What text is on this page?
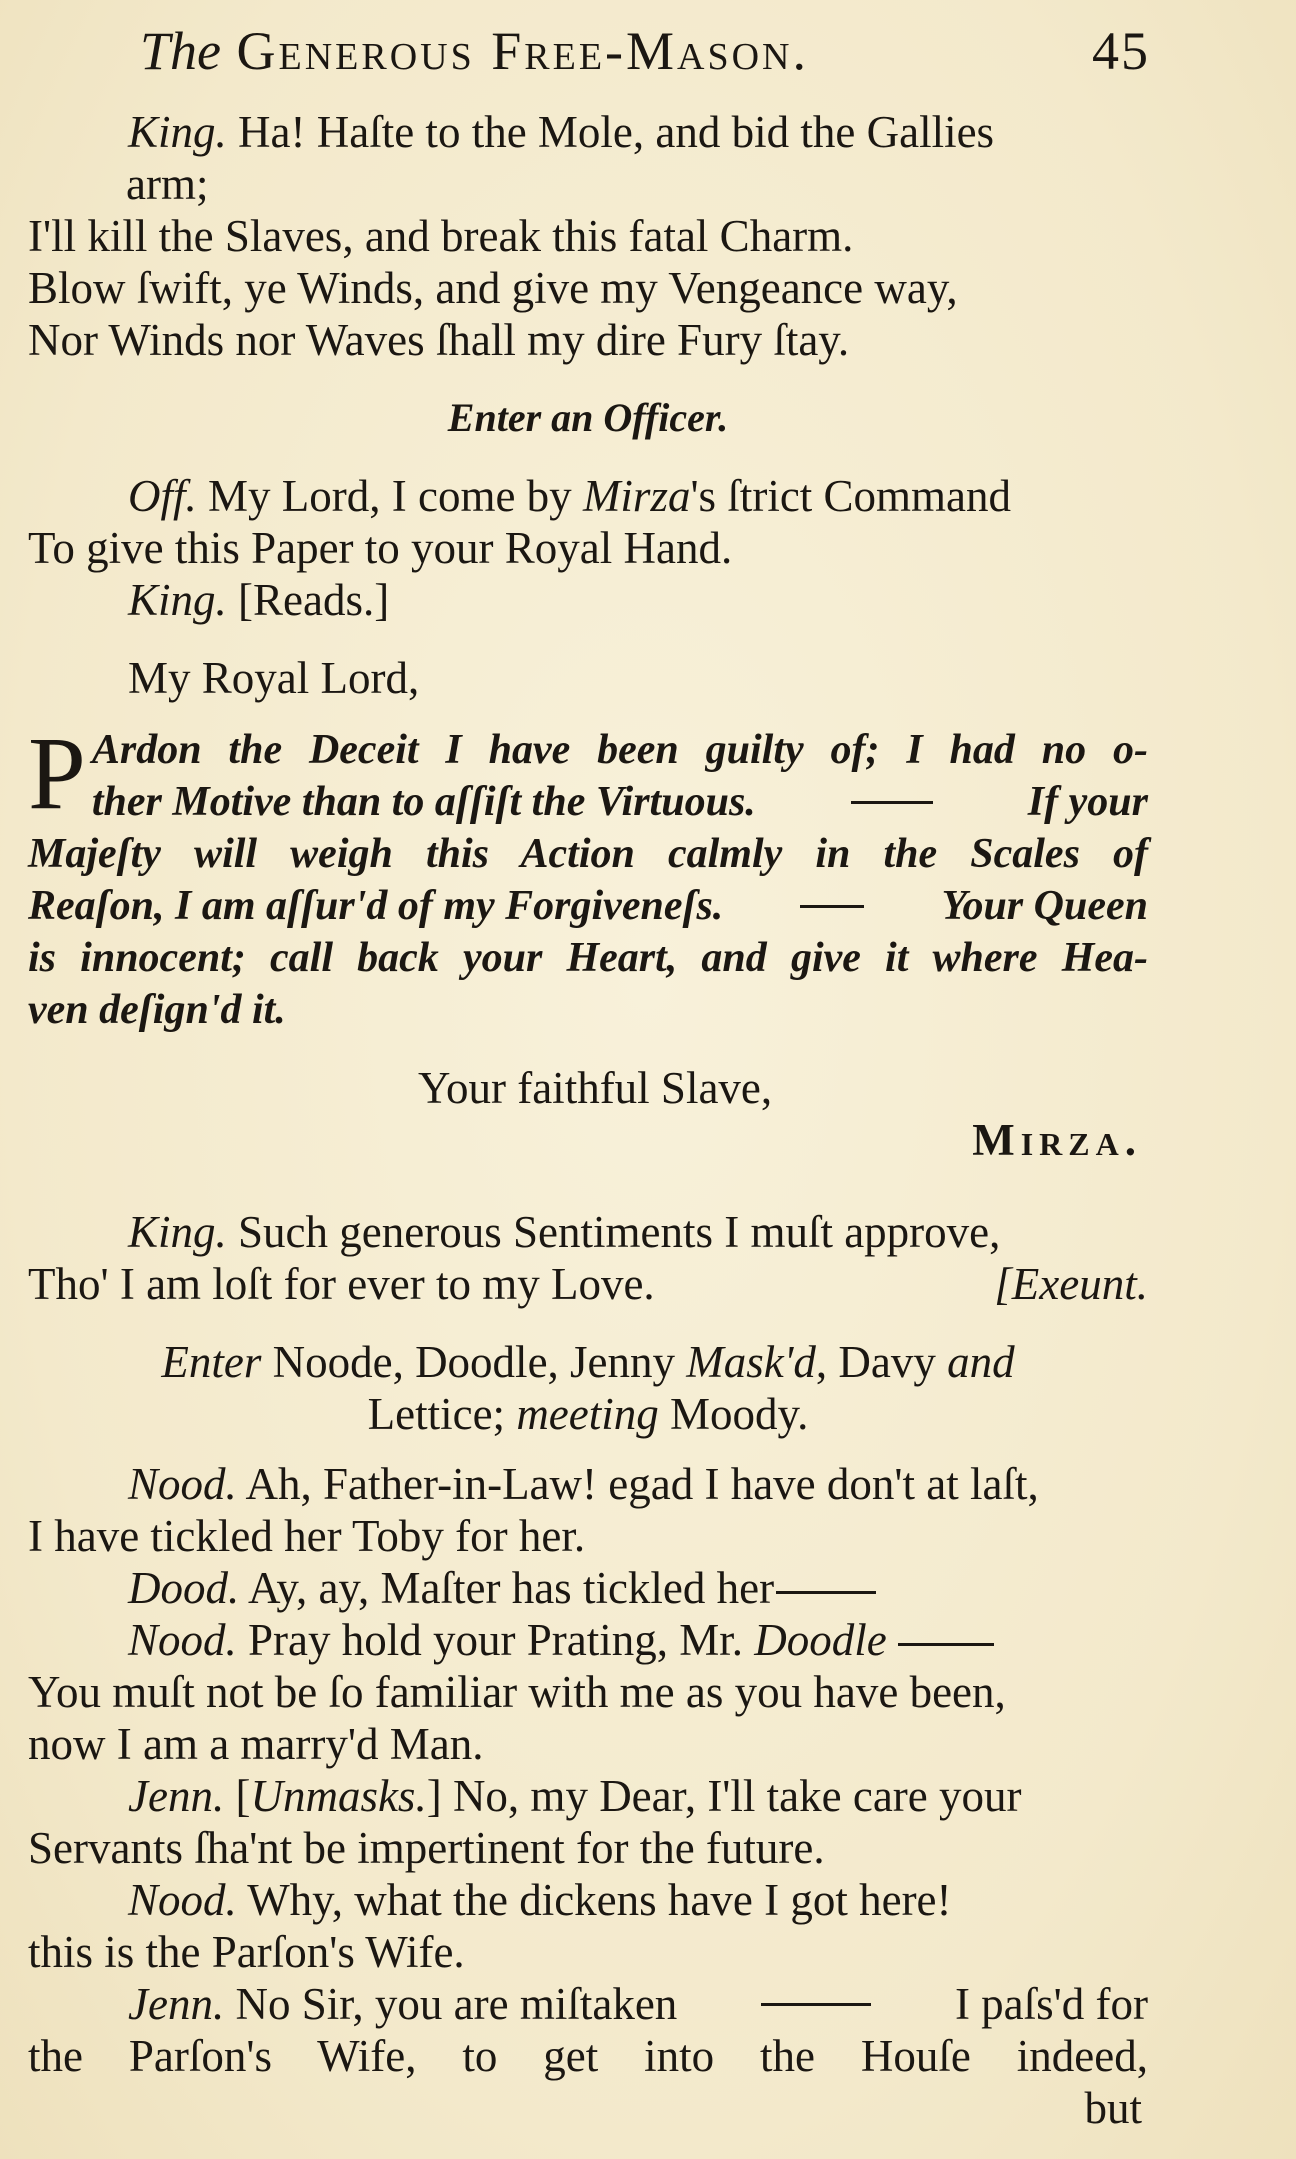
The Generous Free-Mason.	45
King. Ha! Haſte to the Mole, and bid the Gallies
arm;
I'll kill the Slaves, and break this fatal Charm.
Blow ſwift, ye Winds, and give my Vengeance way,
Nor Winds nor Waves ſhall my dire Fury ſtay.
Enter an Officer.
Off. My Lord, I come by Mirza's ſtrict Command
To give this Paper to your Royal Hand.
King. [Reads.]
My Royal Lord,
P Ardon the Deceit I have been guilty of; I had no o-
ther Motive than to aſſiſt the Virtuous.	If your
Majeſty will weigh this Action calmly in the Scales of
Reaſon, I am aſſur'd of my Forgiveneſs.	Your Queen
is innocent; call back your Heart, and give it where Hea-
ven deſign'd it.
Your faithful Slave,
Mirza.
King. Such generous Sentiments I muſt approve,
Tho' I am loſt for ever to my Love.	[Exeunt.
Enter Noode, Doodle, Jenny Mask'd, Davy and
Lettice; meeting Moody.
Nood. Ah, Father-in-Law! egad I have don't at laſt,
I have tickled her Toby for her.
Dood. Ay, ay, Maſter has tickled her
Nood. Pray hold your Prating, Mr. Doodle
You muſt not be ſo familiar with me as you have been,
now I am a marry'd Man.
Jenn. [Unmasks.] No, my Dear, I'll take care your
Servants ſha'nt be impertinent for the future.
Nood. Why, what the dickens have I got here!
this is the Parſon's Wife.
Jenn. No Sir, you are miſtaken	I paſs'd for
the Parſon's Wife, to get into the Houſe indeed,
but
